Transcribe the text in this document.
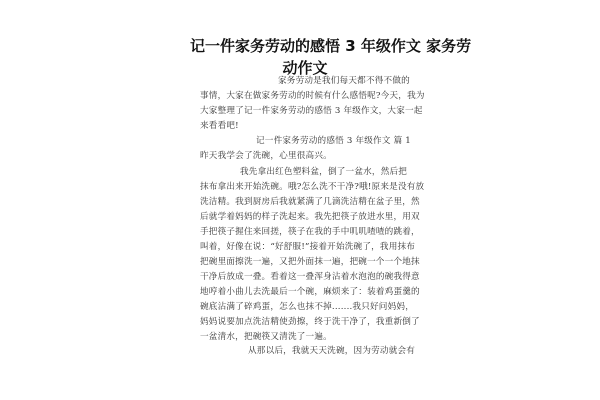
记一件家务劳动的感悟 3 年级作文 家务劳
动作文
家务劳动是我们每天都不得不做的
事情，大家在做家务劳动的时候有什么感悟呢?今天，我为
大家整理了记一件家务劳动的感悟 3 年级作文，大家一起
来看看吧!
记一件家务劳动的感悟 3 年级作文 篇 1
昨天我学会了洗碗，心里很高兴。
我先拿出红色塑料盆，倒了一盆水，然后把
抹布拿出来开始洗碗。哦?怎么洗不干净?哦!原来是没有放
洗洁精。我到厨房后我就紧满了几滴洗洁精在盆子里，然
后就学着妈妈的样子洗起来。我先把筷子放进水里，用双
手把筷子握住来回搓，筷子在我的手中叽叽喳喳的跳着，
叫着，好像在说：“好舒服!”接着开始洗碗了，我用抹布
把碗里面擦洗一遍，又把外面抹一遍，把碗一个一个地抹
干净后放成一叠。看着这一叠浑身沾着水泡泡的碗我得意
地哼着小曲儿去洗最后一个碗，麻烦来了：装着鸡蛋羹的
碗底沾满了碎鸡蛋，怎么也抹不掉.......我只好问妈妈，
妈妈说要加点洗洁精使劲擦，终于洗干净了，我重新倒了
一盆清水，把碗筷又清洗了一遍。
从那以后，我就天天洗碗，因为劳动就会有
